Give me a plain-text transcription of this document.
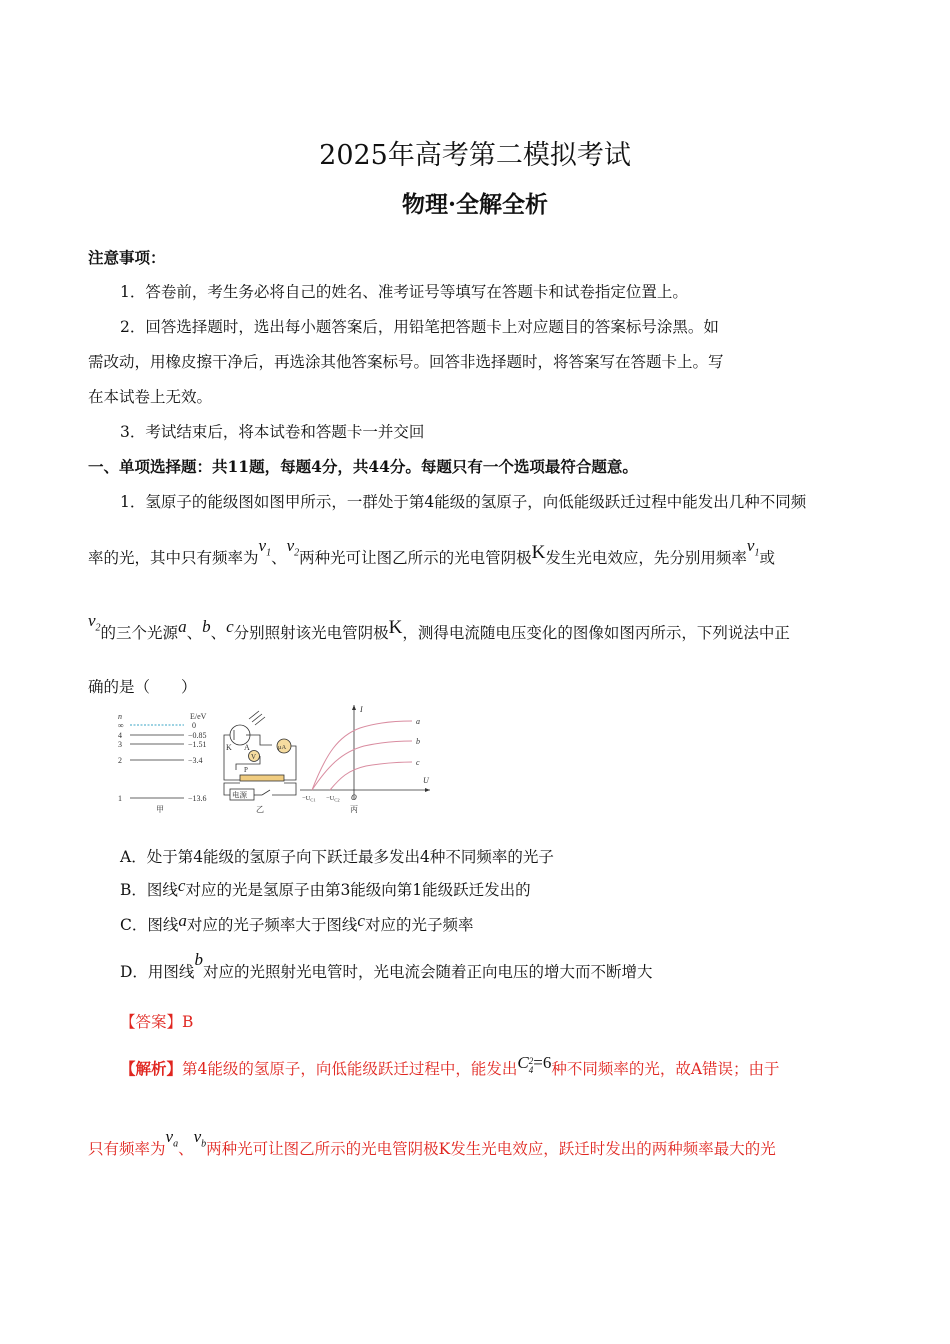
2025年高考第二模拟考试
物理·全解全析
注意事项：
1．答卷前，考生务必将自己的姓名、准考证号等填写在答题卡和试卷指定位置上。
2．回答选择题时，选出每小题答案后，用铅笔把答题卡上对应题目的答案标号涂黑。如
需改动，用橡皮擦干净后，再选涂其他答案标号。回答非选择题时，将答案写在答题卡上。写
在本试卷上无效。
3．考试结束后，将本试卷和答题卡一并交回
一、单项选择题：共11题，每题4分，共44分。每题只有一个选项最符合题意。
1．氢原子的能级图如图甲所示，一群处于第4能级的氢原子，向低能级跃迁过程中能发出几种不同频
率的光，其中只有频率为$v_1$、$v_2$两种光可让图乙所示的光电管阴极K发生光电效应，先分别用频率$v_1$或
$v_2$的三个光源a、b、c分别照射该光电管阴极K，测得电流随电压变化的图像如图丙所示，下列说法中正
确的是（　　）
n	E/eV
∞	0
4	−0.85
3	−1.51
2	−3.4
1	−13.6
甲
K A
V
μA
P
电源
乙
I
U
O
a
b
c
$-U_{C1} -U_{C2}$
丙
A．处于第4能级的氢原子向下跃迁最多发出4种不同频率的光子
B．图线c对应的光是氢原子由第3能级向第1能级跃迁发出的
C．图线a对应的光子频率大于图线c对应的光子频率
D．用图线b对应的光照射光电管时，光电流会随着正向电压的增大而不断增大
【答案】B
【解析】第4能级的氢原子，向低能级跃迁过程中，能发出C 2
4 =6种不同频率的光，故A错误；由于
只有频率为$v_a$、$v_b$两种光可让图乙所示的光电管阴极K发生光电效应，跃迁时发出的两种频率最大的光
